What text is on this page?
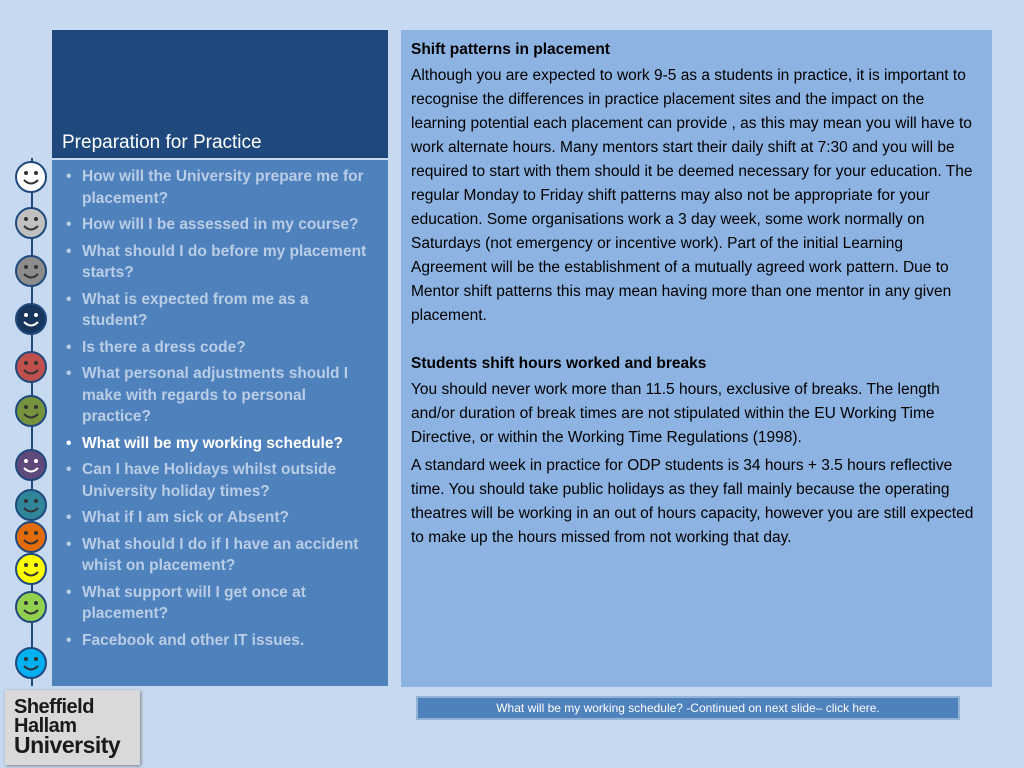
Preparation for Practice
• How will the University prepare me for placement?
• How will I be assessed in my course?
• What should I do before my placement starts?
• What is expected from me as a student?
• Is there a dress code?
• What personal adjustments should I make with regards to personal practice?
• What will be my working schedule?
• Can I have Holidays whilst outside University holiday times?
• What if I am sick or Absent?
• What should I do if I have an accident whist on placement?
• What support will I get once at placement?
• Facebook and other IT issues.
Shift patterns in placement

Although you are expected to work 9-5 as a students in practice, it is important to recognise the differences in practice placement sites and the impact on the learning potential each placement can provide , as this may mean you will have to work alternate hours. Many mentors start their daily shift at 7:30 and you will be required to start with them should it be deemed necessary for your education. The regular Monday to Friday shift patterns may also not be appropriate for your education. Some organisations work a 3 day week, some work normally on Saturdays (not emergency or incentive work). Part of the initial Learning Agreement will be the establishment of a mutually agreed work pattern. Due to Mentor shift patterns this may mean having more than one mentor in any given placement.

Students shift hours worked and breaks

You should never work more than 11.5 hours, exclusive of breaks. The length and/or duration of break times are not stipulated within the EU Working Time Directive, or within the Working Time Regulations (1998).

A standard week in practice for ODP students is 34 hours + 3.5 hours reflective time. You should take public holidays as they fall mainly because the operating theatres will be working in an out of hours capacity, however you are still expected to make up the hours missed from not working that day.

What will be my working schedule? -Continued on next slide– click here.
Sheffield
Hallam
University
